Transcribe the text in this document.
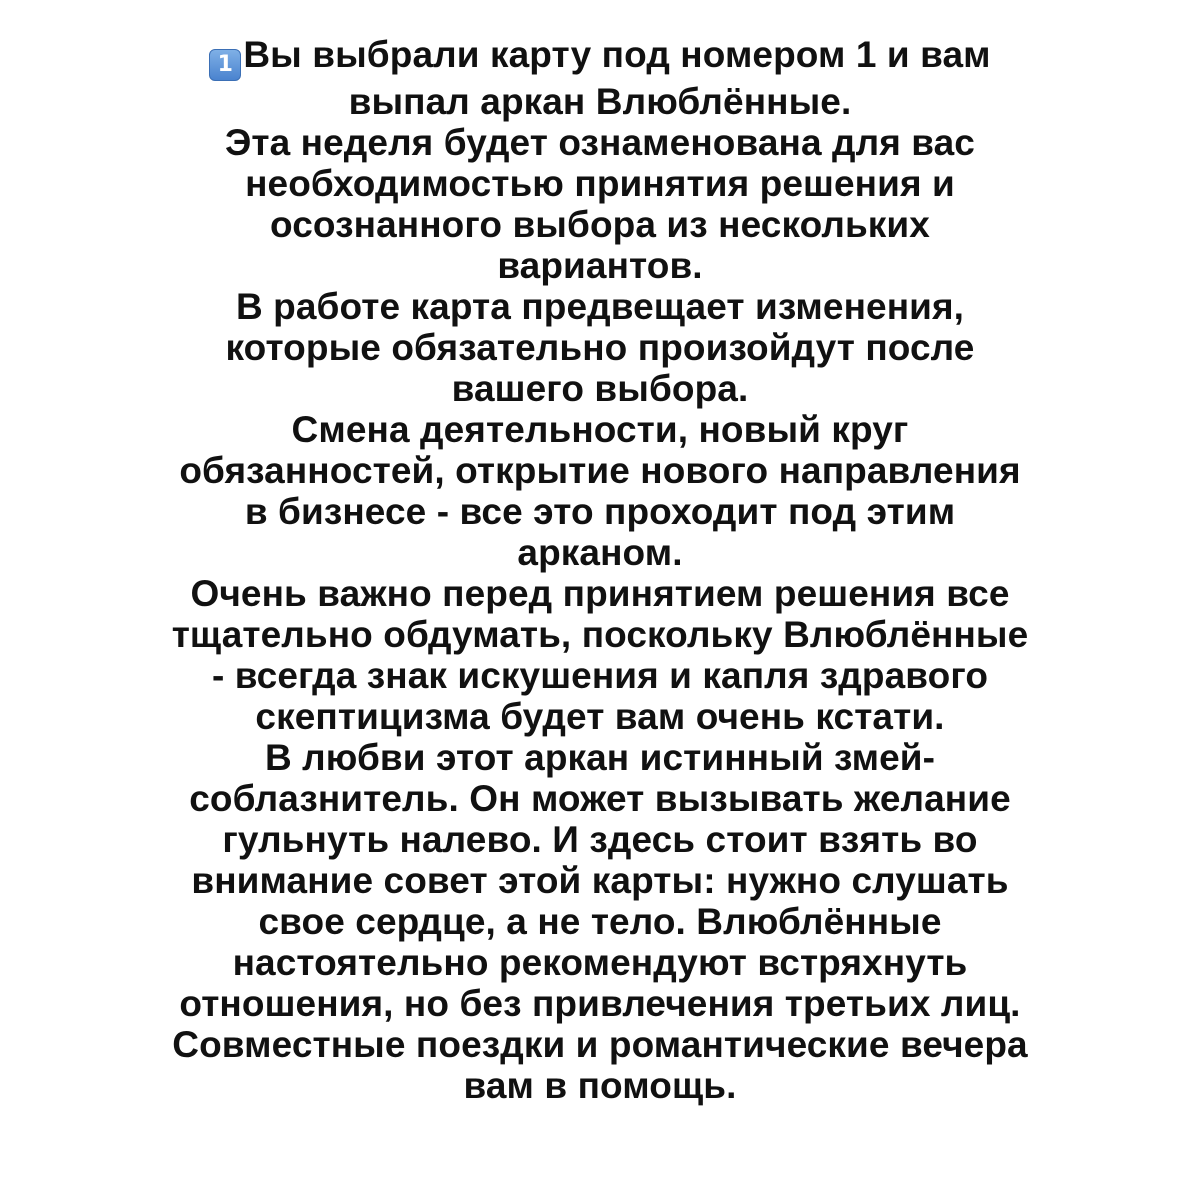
1 Вы выбрали карту под номером 1 и вам
выпал аркан Влюблённые.
Эта неделя будет ознаменована для вас
необходимостью принятия решения и
осознанного выбора из нескольких
вариантов.
В работе карта предвещает изменения,
которые обязательно произойдут после
вашего выбора.
Смена деятельности, новый круг
обязанностей, открытие нового направления
в бизнесе - все это проходит под этим
арканом.
Очень важно перед принятием решения все
тщательно обдумать, поскольку Влюблённые
- всегда знак искушения и капля здравого
скептицизма будет вам очень кстати.
В любви этот аркан истинный змей-
соблазнитель. Он может вызывать желание
гульнуть налево. И здесь стоит взять во
внимание совет этой карты: нужно слушать
свое сердце, а не тело. Влюблённые
настоятельно рекомендуют встряхнуть
отношения, но без привлечения третьих лиц.
Совместные поездки и романтические вечера
вам в помощь.
